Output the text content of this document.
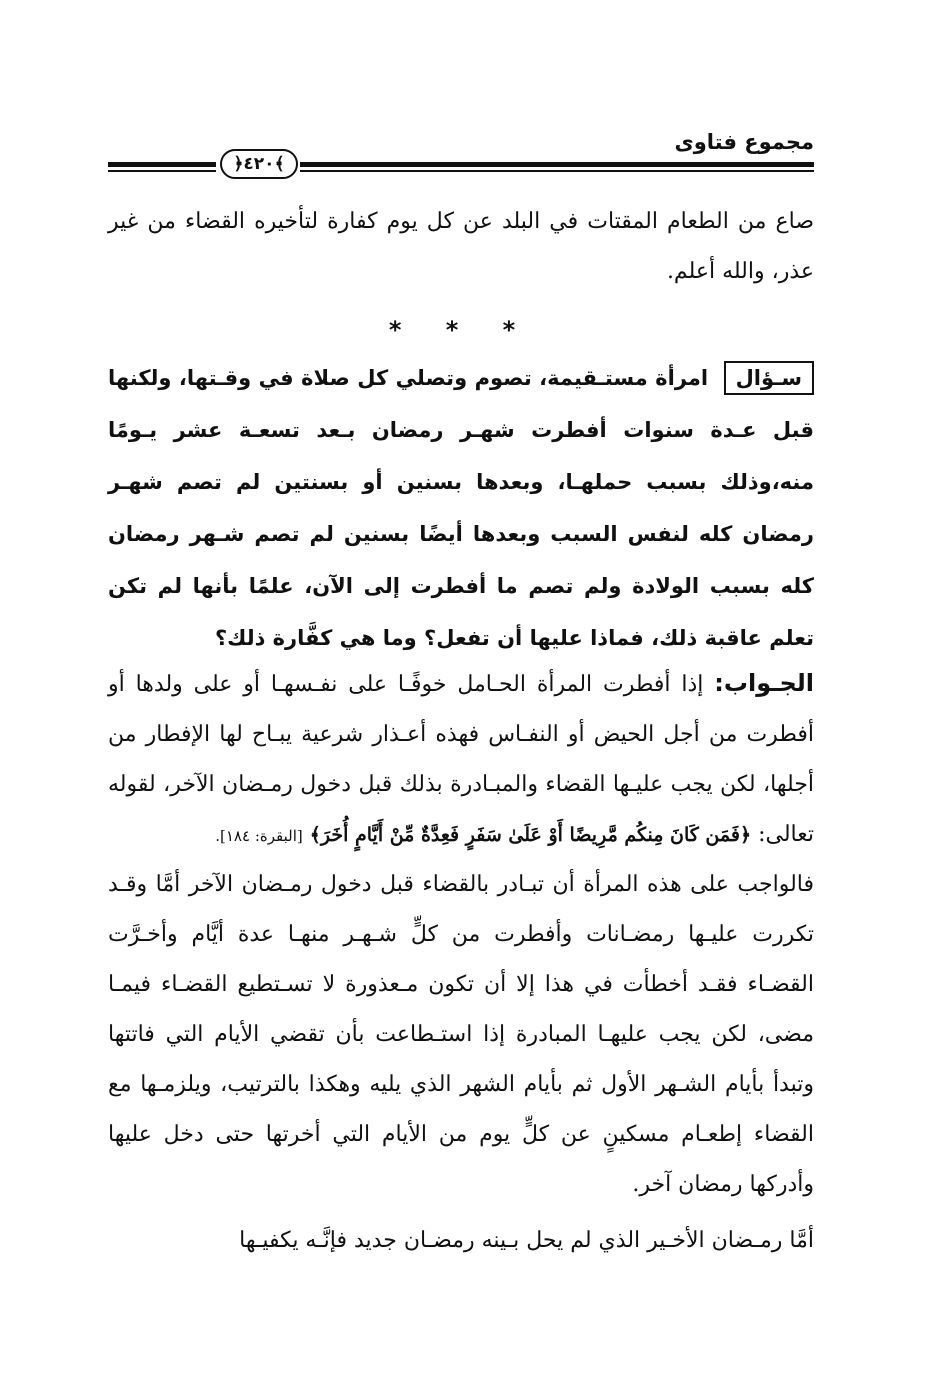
مجموع فتاوى
﴿٤٢٠﴾
صاع من الطعام المقتات في البلد عن كل يوم كفارة لتأخيره القضاء من غير عذر، والله أعلم.
* * *
سـؤال امرأة مستـقيمة، تصوم وتصلي كل صلاة في وقـتها، ولكنها قبل عـدة سنوات أفطرت شهـر رمضان بـعد تسعـة عشر يـومًا منه،وذلك بسبب حملهـا، وبعدها بسنين أو بسنتين لم تصم شهـر رمضان كله لنفس السبب وبعدها أيضًا بسنين لم تصم شـهر رمضان كله بسبب الولادة ولم تصم ما أفطرت إلى الآن، علمًا بأنها لم تكن تعلم عاقبة ذلك، فماذا عليها أن تفعل؟ وما هي كفَّارة ذلك؟
الجـواب: إذا أفطرت المرأة الحـامل خوفًـا على نفـسهـا أو على ولدها أو أفطرت من أجل الحيض أو النفـاس فهذه أعـذار شرعية يبـاح لها الإفطار من أجلها، لكن يجب عليـها القضاء والمبـادرة بذلك قبل دخول رمـضان الآخر، لقوله تعالى: ﴿فَمَن كَانَ مِنكُم مَّرِيضًا أَوْ عَلَىٰ سَفَرٍ فَعِدَّةٌ مِّنْ أَيَّامٍ أُخَرَ﴾ [البقرة: ١٨٤].
فالواجب على هذه المرأة أن تبـادر بالقضاء قبل دخول رمـضان الآخر أمَّا وقـد تكررت عليـها رمضـانات وأفطرت من كلٍّ شـهـر منهـا عدة أيَّام وأخـرَّت القضـاء فقـد أخطأت في هذا إلا أن تكون مـعذورة لا تسـتطيع القضـاء فيمـا مضى، لكن يجب عليهـا المبادرة إذا استـطاعت بأن تقضي الأيام التي فاتتها وتبدأ بأيام الشـهر الأول ثم بأيام الشهر الذي يليه وهكذا بالترتيب، ويلزمـها مع القضاء إطعـام مسكينٍ عن كلٍّ يوم من الأيام التي أخرتها حتى دخل عليها وأدركها رمضان آخر.
أمَّا رمـضان الأخـير الذي لم يحل بـينه رمضـان جديد فإنَّـه يكفيـها
